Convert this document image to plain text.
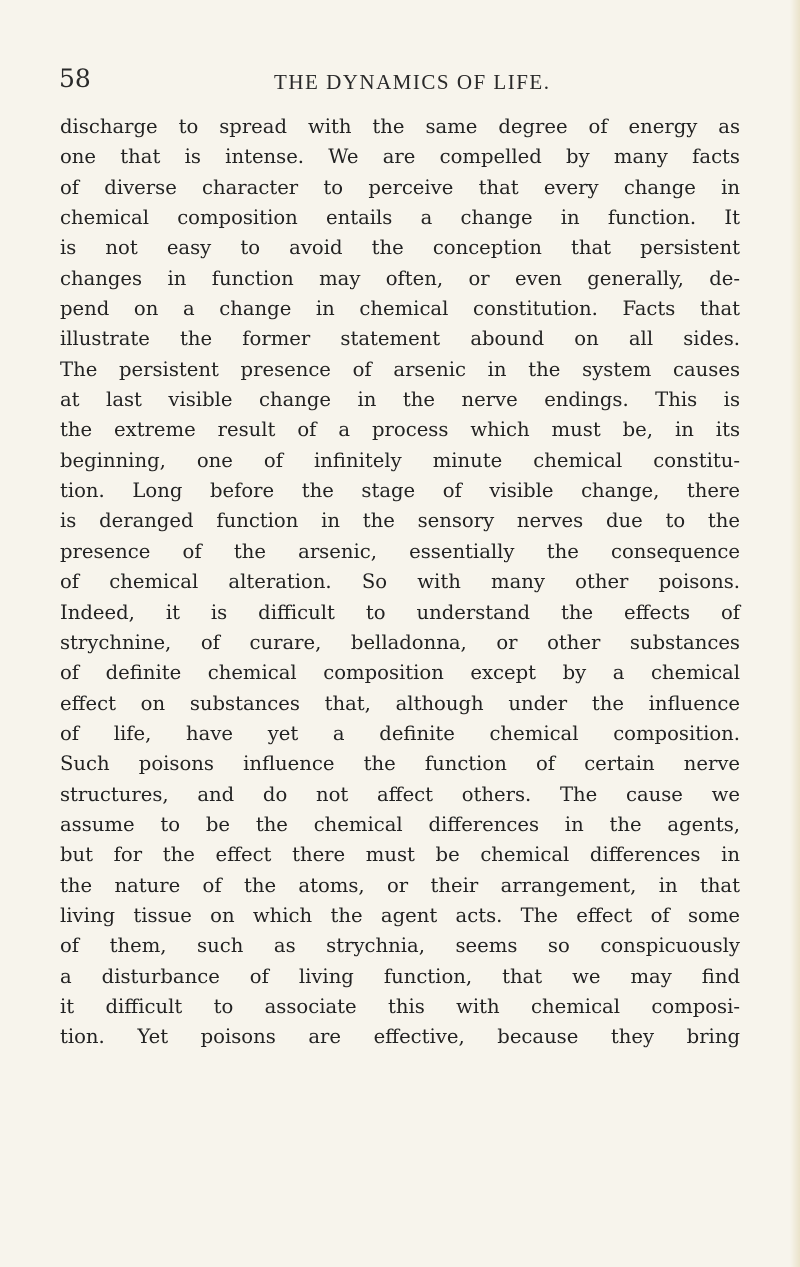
58	THE DYNAMICS OF LIFE.
discharge to spread with the same degree of energy as
one that is intense. We are compelled by many facts
of diverse character to perceive that every change in
chemical composition entails a change in function. It
is not easy to avoid the conception that persistent
changes in function may often, or even generally, de-
pend on a change in chemical constitution. Facts that
illustrate the former statement abound on all sides.
The persistent presence of arsenic in the system causes
at last visible change in the nerve endings. This is
the extreme result of a process which must be, in its
beginning, one of infinitely minute chemical constitu-
tion. Long before the stage of visible change, there
is deranged function in the sensory nerves due to the
presence of the arsenic, essentially the consequence
of chemical alteration. So with many other poisons.
Indeed, it is difficult to understand the effects of
strychnine, of curare, belladonna, or other substances
of definite chemical composition except by a chemical
effect on substances that, although under the influence
of life, have yet a definite chemical composition.
Such poisons influence the function of certain nerve
structures, and do not affect others. The cause we
assume to be the chemical differences in the agents,
but for the effect there must be chemical differences in
the nature of the atoms, or their arrangement, in that
living tissue on which the agent acts. The effect of some
of them, such as strychnia, seems so conspicuously
a disturbance of living function, that we may find
it difficult to associate this with chemical composi-
tion. Yet poisons are effective, because they bring
